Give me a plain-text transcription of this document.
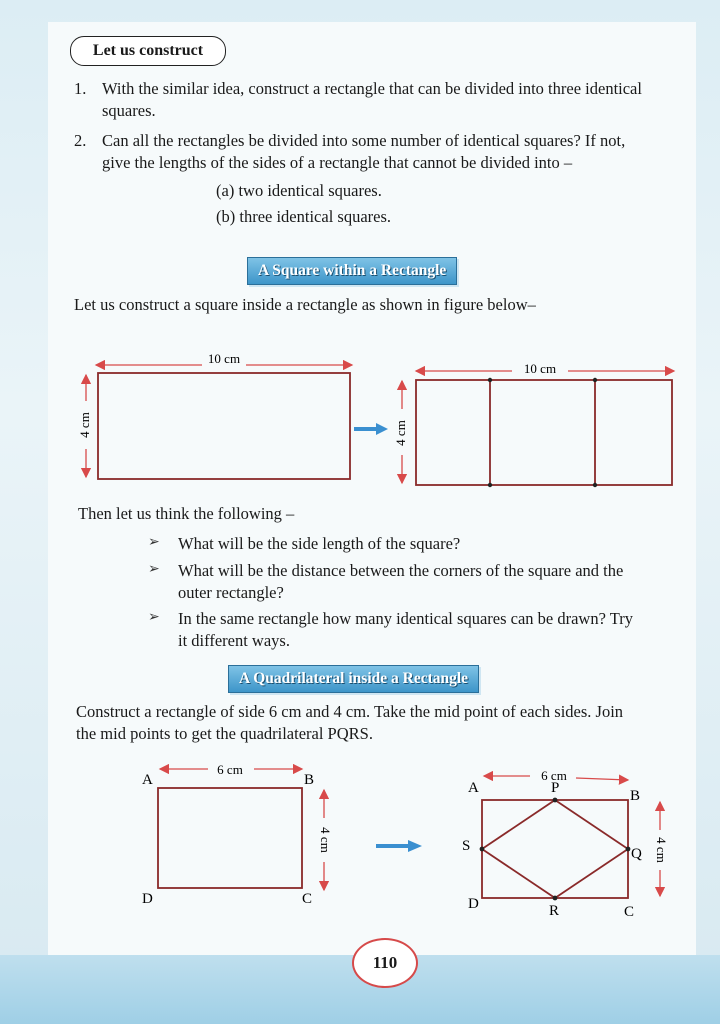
Let us construct
1. With the similar idea, construct a rectangle that can be divided into three identical
squares.
2. Can all the rectangles be divided into some number of identical squares? If not,
give the lengths of the sides of a rectangle that cannot be divided into –
(a) two identical squares.
(b) three identical squares.
A Square within a Rectangle
Let us construct a square inside a rectangle as shown in figure below–
10 cm
4 cm
10 cm
4 cm
Then let us think the following –
➢ What will be the side length of the square?
➢ What will be the distance between the corners of the square and the
outer rectangle?
➢ In the same rectangle how many identical squares can be drawn? Try
it different ways.
A Quadrilateral inside a Rectangle
Construct a rectangle of side 6 cm and 4 cm. Take the mid point of each sides. Join
the mid points to get the quadrilateral PQRS.
A	B
C
D
6 cm
4 cm
A	B
C
D
P
Q
R
S
6 cm
4 cm
110
